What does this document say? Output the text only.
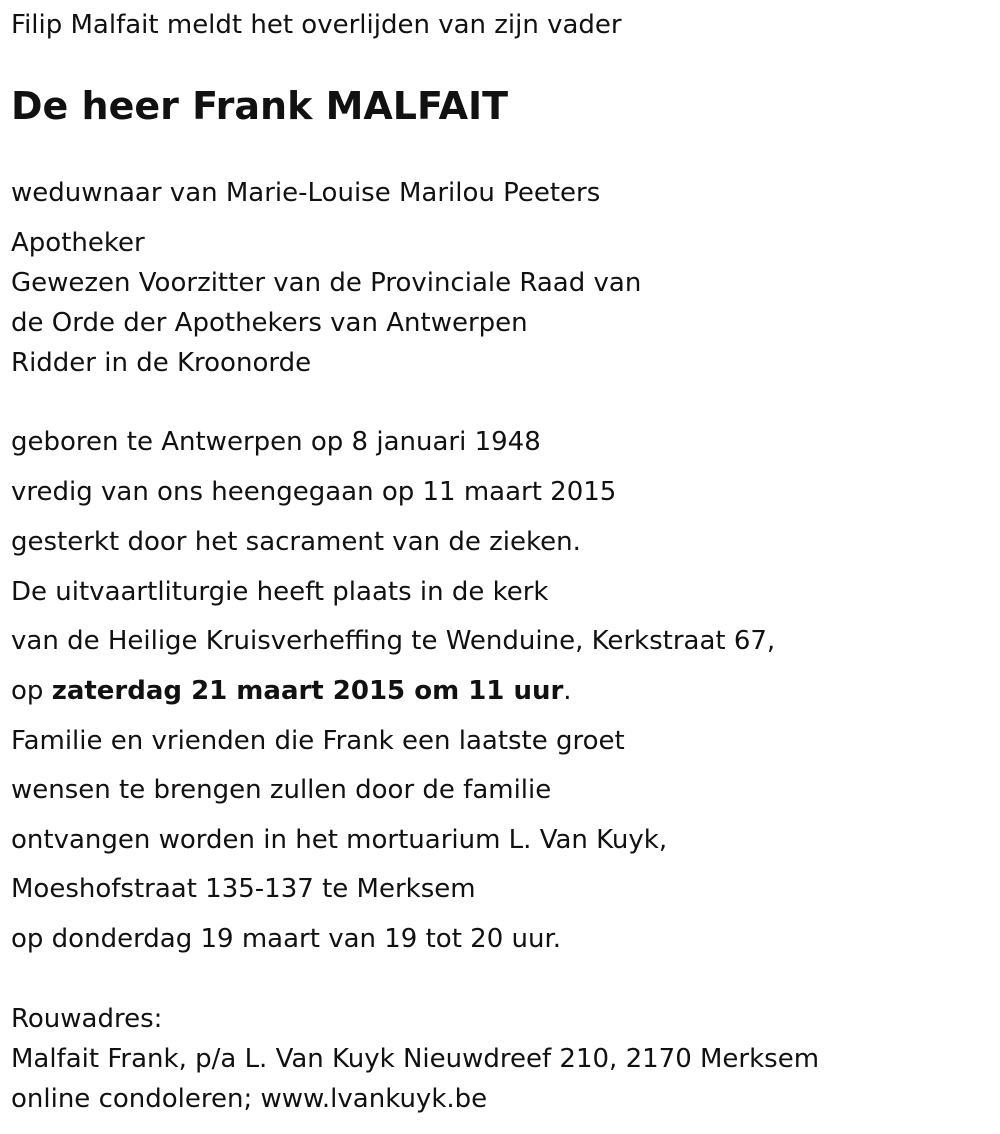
Filip Malfait meldt het overlijden van zijn vader

De heer Frank MALFAIT

weduwnaar van Marie-Louise Marilou Peeters

Apotheker

Gewezen Voorzitter van de Provinciale Raad van

de Orde der Apothekers van Antwerpen

Ridder in de Kroonorde

geboren te Antwerpen op 8 januari 1948

vredig van ons heengegaan op 11 maart 2015

gesterkt door het sacrament van de zieken.

De uitvaartliturgie heeft plaats in de kerk

van de Heilige Kruisverheffing te Wenduine, Kerkstraat 67,

op zaterdag 21 maart 2015 om 11 uur.

Familie en vrienden die Frank een laatste groet

wensen te brengen zullen door de familie

ontvangen worden in het mortuarium L. Van Kuyk,

Moeshofstraat 135-137 te Merksem

op donderdag 19 maart van 19 tot 20 uur.

Rouwadres:

Malfait Frank, p/a L. Van Kuyk Nieuwdreef 210, 2170 Merksem

online condoleren; www.lvankuyk.be
